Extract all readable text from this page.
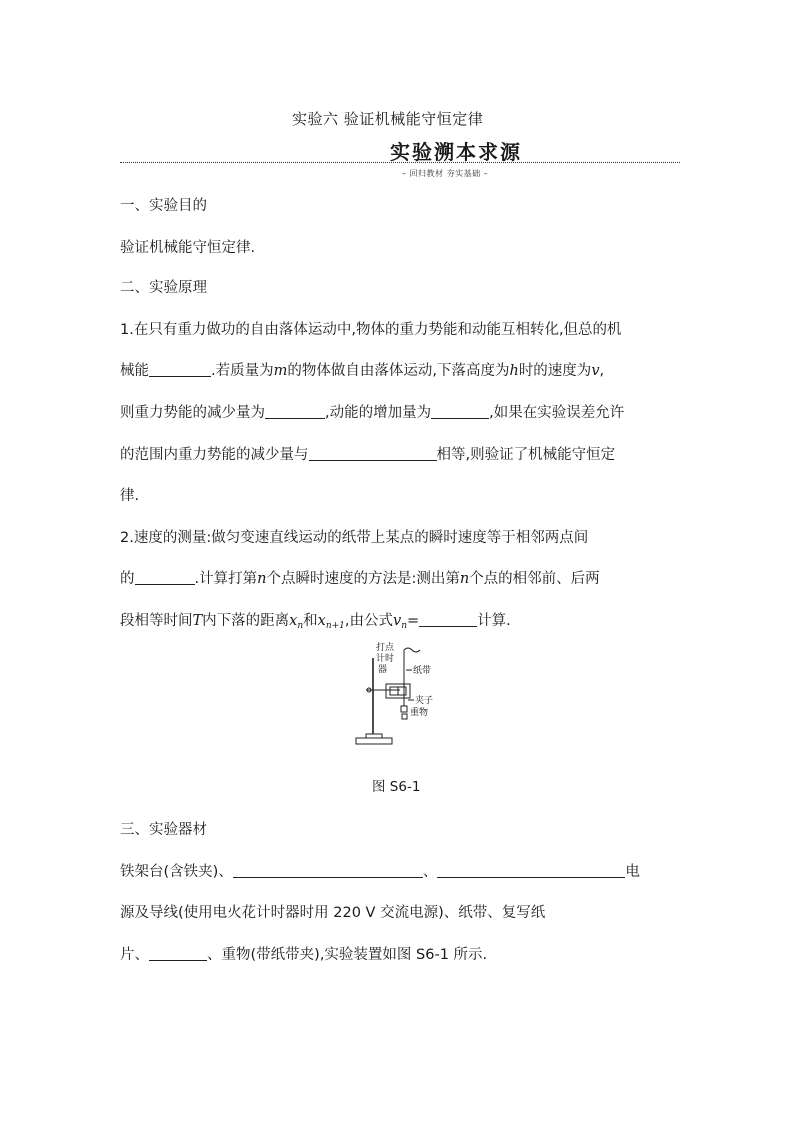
实验六 验证机械能守恒定律
实验溯本求源
– 回归教材 夯实基础 –
一、实验目的
验证机械能守恒定律.
二、实验原理
1.在只有重力做功的自由落体运动中,物体的重力势能和动能互相转化,但总的机
械能	.若质量为m的物体做自由落体运动,下落高度为h时的速度为v,
则重力势能的减少量为	,动能的增加量为	,如果在实验误差允许
的范围内重力势能的减少量与	相等,则验证了机械能守恒定
律.
2.速度的测量:做匀变速直线运动的纸带上某点的瞬时速度等于相邻两点间
的	.计算打第n个点瞬时速度的方法是:测出第n个点的相邻前、后两
段相等时间T内下落的距离$x_n$和$x_{n+1}$,由公式$v_n=$	计算.
打点
计时
器	纸带
夹子
重物
图 S6-1
三、实验器材
铁架台(含铁夹)、	、	电
源及导线(使用电火花计时器时用 220 V 交流电源)、纸带、复写纸
片、	、重物(带纸带夹),实验装置如图 S6-1 所示.
